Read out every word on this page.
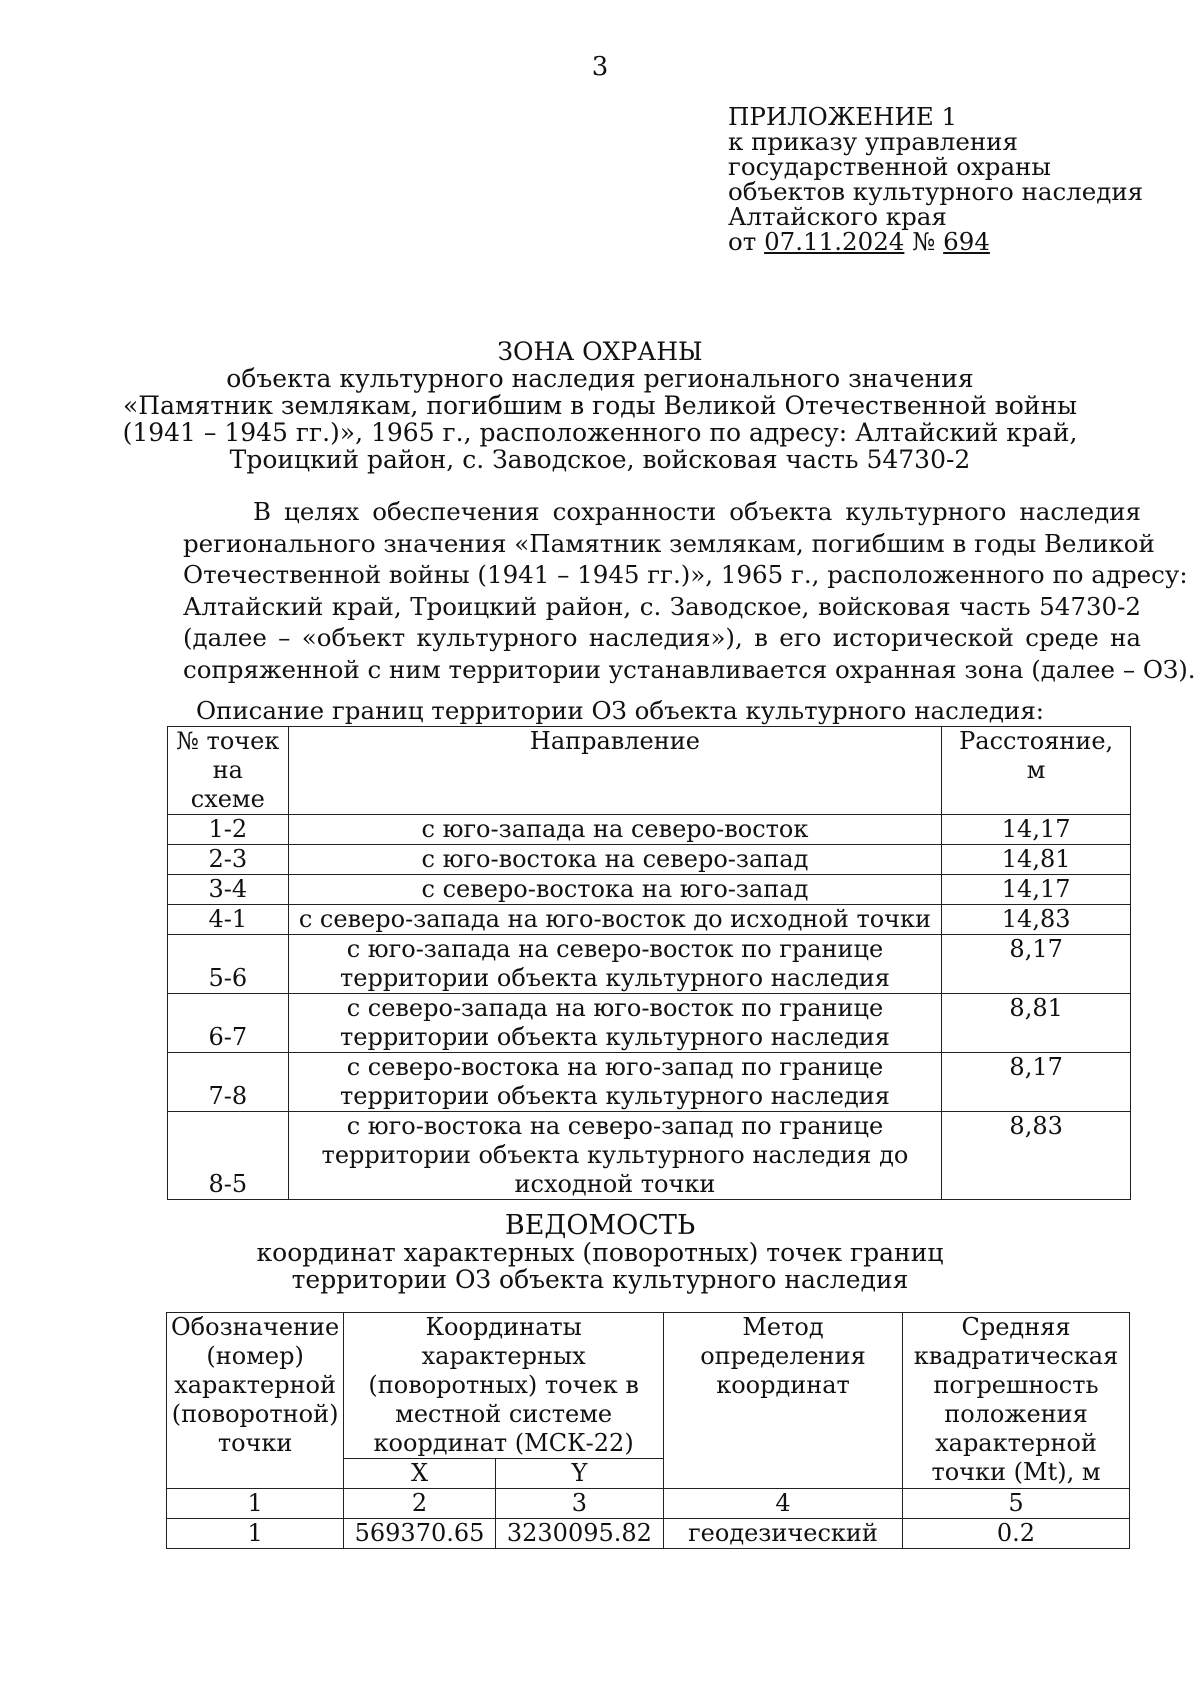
3
ПРИЛОЖЕНИЕ 1
к приказу управления
государственной охраны
объектов культурного наследия
Алтайского края
от 07.11.2024 № 694
ЗОНА ОХРАНЫ
объекта культурного наследия регионального значения
«Памятник землякам, погибшим в годы Великой Отечественной войны
(1941 – 1945 гг.)», 1965 г., расположенного по адресу: Алтайский край,
Троицкий район, с. Заводское, войсковая часть 54730-2
В целях обеспечения сохранности объекта культурного наследия
регионального значения «Памятник землякам, погибшим в годы Великой
Отечественной войны (1941 – 1945 гг.)», 1965 г., расположенного по адресу:
Алтайский край, Троицкий район, с. Заводское, войсковая часть 54730-2
(далее – «объект культурного наследия»), в его исторической среде на
сопряженной с ним территории устанавливается охранная зона (далее – ОЗ).
Описание границ территории ОЗ объекта культурного наследия:
№ точек на схеме	Направление	Расстояние, м
1-2	с юго-запада на северо-восток	14,17
2-3	с юго-востока на северо-запад	14,81
3-4	с северо-востока на юго-запад	14,17
4-1	с северо-запада на юго-восток до исходной точки	14,83
5-6	с юго-запада на северо-восток по границе территории объекта культурного наследия	8,17
6-7	с северо-запада на юго-восток по границе территории объекта культурного наследия	8,81
7-8	с северо-востока на юго-запад по границе территории объекта культурного наследия	8,17
8-5	с юго-востока на северо-запад по границе территории объекта культурного наследия до исходной точки	8,83
ВЕДОМОСТЬ
координат характерных (поворотных) точек границ
территории ОЗ объекта культурного наследия
Обозначение (номер) характерной (поворотной) точки	Координаты характерных (поворотных) точек в местной системе координат (МСК-22)		Метод определения координат	Средняя квадратическая погрешность положения характерной точки (Mt), м
	X	Y		
1	2	3	4	5
1	569370.65	3230095.82	геодезический	0.2
